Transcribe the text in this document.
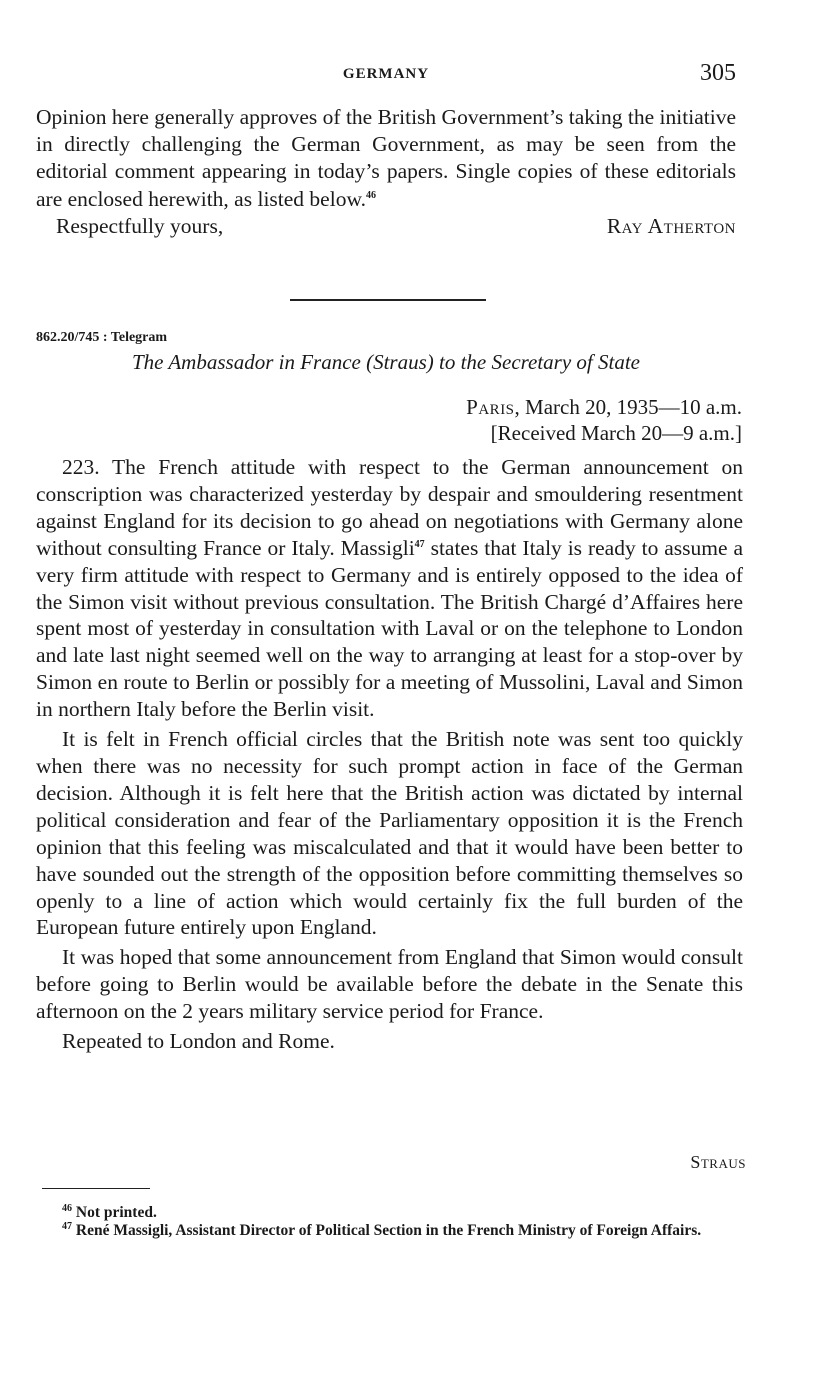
GERMANY	305

Opinion here generally approves of the British Government’s taking the initiative in directly challenging the German Government, as may be seen from the editorial comment appearing in today’s papers. Single copies of these editorials are enclosed herewith, as listed below.$^{46}$

Respectfully yours,	Ray Atherton
862.20/745 : Telegram
The Ambassador in France (Straus) to the Secretary of State
Paris, March 20, 1935—10 a.m.
[Received March 20—9 a.m.]

223. The French attitude with respect to the German announcement on conscription was characterized yesterday by despair and smouldering resentment against England for its decision to go ahead on negotiations with Germany alone without consulting France or Italy. Massigli$^{47}$ states that Italy is ready to assume a very firm attitude with respect to Germany and is entirely opposed to the idea of the Simon visit without previous consultation. The British Chargé d’Affaires here spent most of yesterday in consultation with Laval or on the telephone to London and late last night seemed well on the way to arranging at least for a stop-over by Simon en route to Berlin or possibly for a meeting of Mussolini, Laval and Simon in northern Italy before the Berlin visit.

It is felt in French official circles that the British note was sent too quickly when there was no necessity for such prompt action in face of the German decision. Although it is felt here that the British action was dictated by internal political consideration and fear of the Parliamentary opposition it is the French opinion that this feeling was miscalculated and that it would have been better to have sounded out the strength of the opposition before committing themselves so openly to a line of action which would certainly fix the full burden of the European future entirely upon England.

It was hoped that some announcement from England that Simon would consult before going to Berlin would be available before the debate in the Senate this afternoon on the 2 years military service period for France.

Repeated to London and Rome.

Straus

$^{46}$ Not printed.

$^{47}$ René Massigli, Assistant Director of Political Section in the French Ministry of Foreign Affairs.
